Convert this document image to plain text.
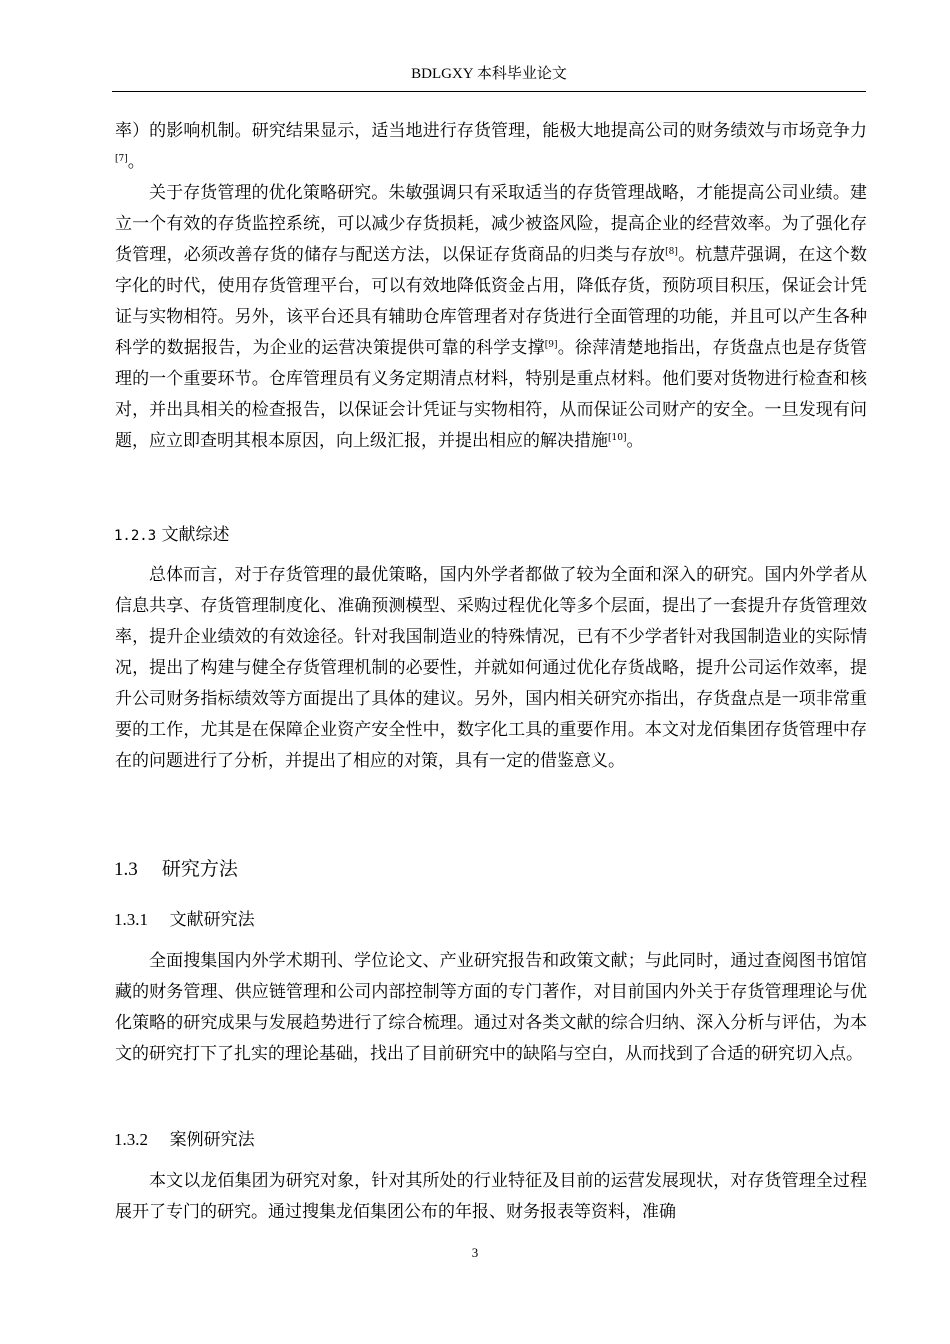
BDLGXY 本科毕业论文

率）的影响机制。研究结果显示，适当地进行存货管理，能极大地提高公司的财务绩效与市场竞争力[7]。

关于存货管理的优化策略研究。朱敏强调只有采取适当的存货管理战略，才能提高公司业绩。建立一个有效的存货监控系统，可以减少存货损耗，减少被盗风险，提高企业的经营效率。为了强化存货管理，必须改善存货的储存与配送方法，以保证存货商品的归类与存放[8]。杭慧芹强调，在这个数字化的时代，使用存货管理平台，可以有效地降低资金占用，降低存货，预防项目积压，保证会计凭证与实物相符。另外，该平台还具有辅助仓库管理者对存货进行全面管理的功能，并且可以产生各种科学的数据报告，为企业的运营决策提供可靠的科学支撑[9]。徐萍清楚地指出，存货盘点也是存货管理的一个重要环节。仓库管理员有义务定期清点材料，特别是重点材料。他们要对货物进行检查和核对，并出具相关的检查报告，以保证会计凭证与实物相符，从而保证公司财产的安全。一旦发现有问题，应立即查明其根本原因，向上级汇报，并提出相应的解决措施[10]。

1.2.3 文献综述

总体而言，对于存货管理的最优策略，国内外学者都做了较为全面和深入的研究。国内外学者从信息共享、存货管理制度化、准确预测模型、采购过程优化等多个层面，提出了一套提升存货管理效率，提升企业绩效的有效途径。针对我国制造业的特殊情况，已有不少学者针对我国制造业的实际情况，提出了构建与健全存货管理机制的必要性，并就如何通过优化存货战略，提升公司运作效率，提升公司财务指标绩效等方面提出了具体的建议。另外，国内相关研究亦指出，存货盘点是一项非常重要的工作，尤其是在保障企业资产安全性中，数字化工具的重要作用。本文对龙佰集团存货管理中存在的问题进行了分析，并提出了相应的对策，具有一定的借鉴意义。

1.3 研究方法
1.3.1 文献研究法

全面搜集国内外学术期刊、学位论文、产业研究报告和政策文献；与此同时，通过查阅图书馆馆藏的财务管理、供应链管理和公司内部控制等方面的专门著作，对目前国内外关于存货管理理论与优化策略的研究成果与发展趋势进行了综合梳理。通过对各类文献的综合归纳、深入分析与评估，为本文的研究打下了扎实的理论基础，找出了目前研究中的缺陷与空白，从而找到了合适的研究切入点。

1.3.2 案例研究法

本文以龙佰集团为研究对象，针对其所处的行业特征及目前的运营发展现状，对存货管理全过程展开了专门的研究。通过搜集龙佰集团公布的年报、财务报表等资料，准确

3
